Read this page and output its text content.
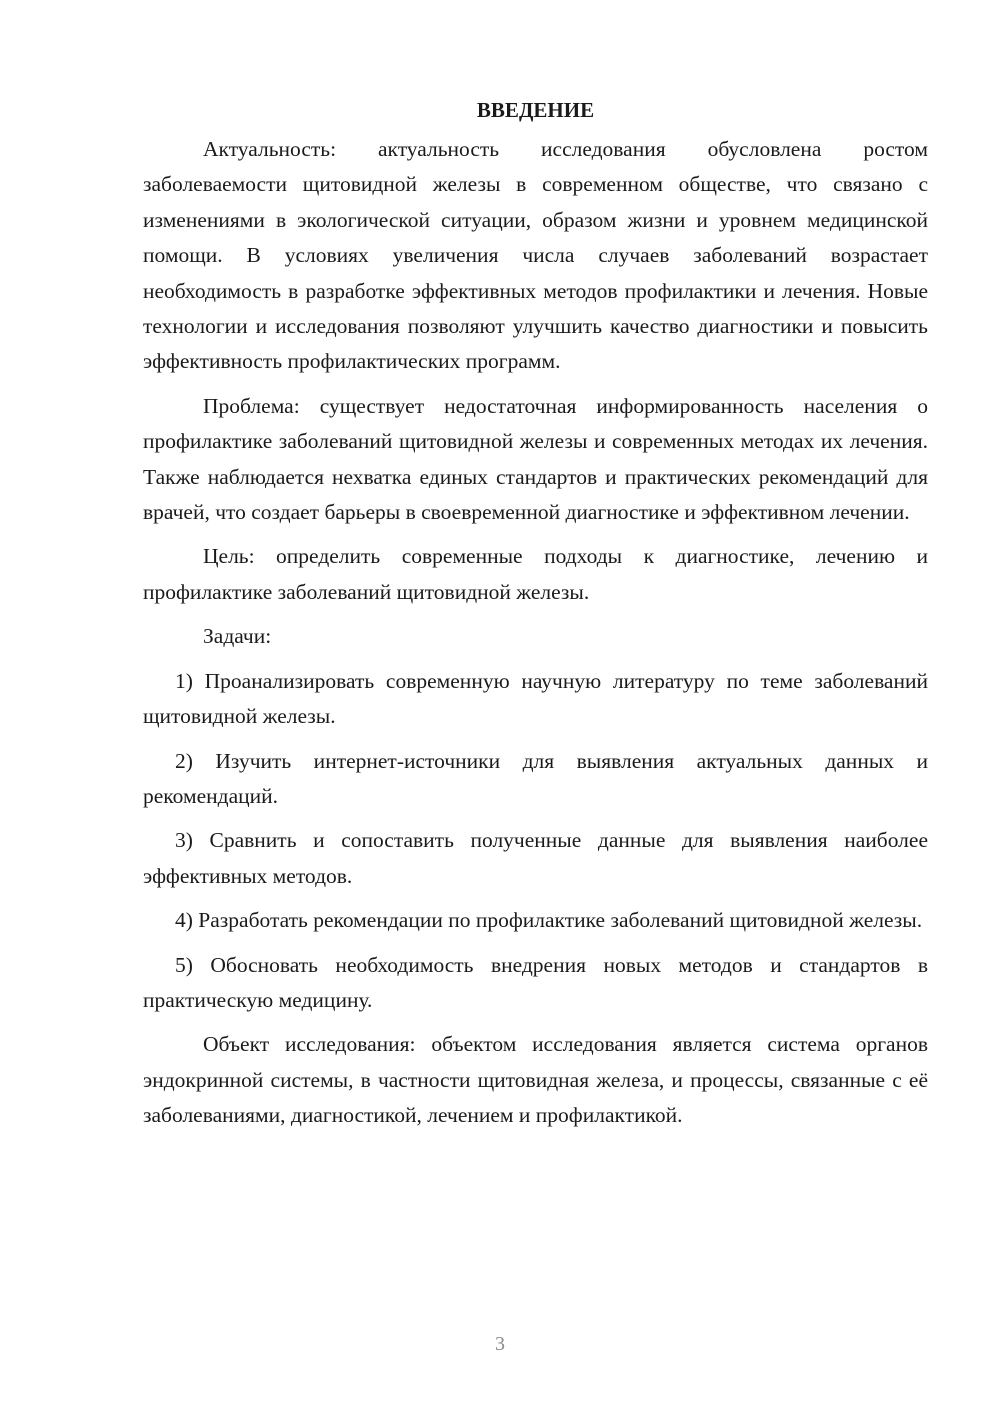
ВВЕДЕНИЕ

Актуальность: актуальность исследования обусловлена ростом заболеваемости щитовидной железы в современном обществе, что связано с изменениями в экологической ситуации, образом жизни и уровнем медицинской помощи. В условиях увеличения числа случаев заболеваний возрастает необходимость в разработке эффективных методов профилактики и лечения. Новые технологии и исследования позволяют улучшить качество диагностики и повысить эффективность профилактических программ.

Проблема: существует недостаточная информированность населения о профилактике заболеваний щитовидной железы и современных методах их лечения. Также наблюдается нехватка единых стандартов и практических рекомендаций для врачей, что создает барьеры в своевременной диагностике и эффективном лечении.

Цель: определить современные подходы к диагностике, лечению и профилактике заболеваний щитовидной железы.

Задачи:

1) Проанализировать современную научную литературу по теме заболеваний щитовидной железы.

2) Изучить интернет-источники для выявления актуальных данных и рекомендаций.

3) Сравнить и сопоставить полученные данные для выявления наиболее эффективных методов.

4) Разработать рекомендации по профилактике заболеваний щитовидной железы.

5) Обосновать необходимость внедрения новых методов и стандартов в практическую медицину.

Объект исследования: объектом исследования является система органов эндокринной системы, в частности щитовидная железа, и процессы, связанные с её заболеваниями, диагностикой, лечением и профилактикой.

3
